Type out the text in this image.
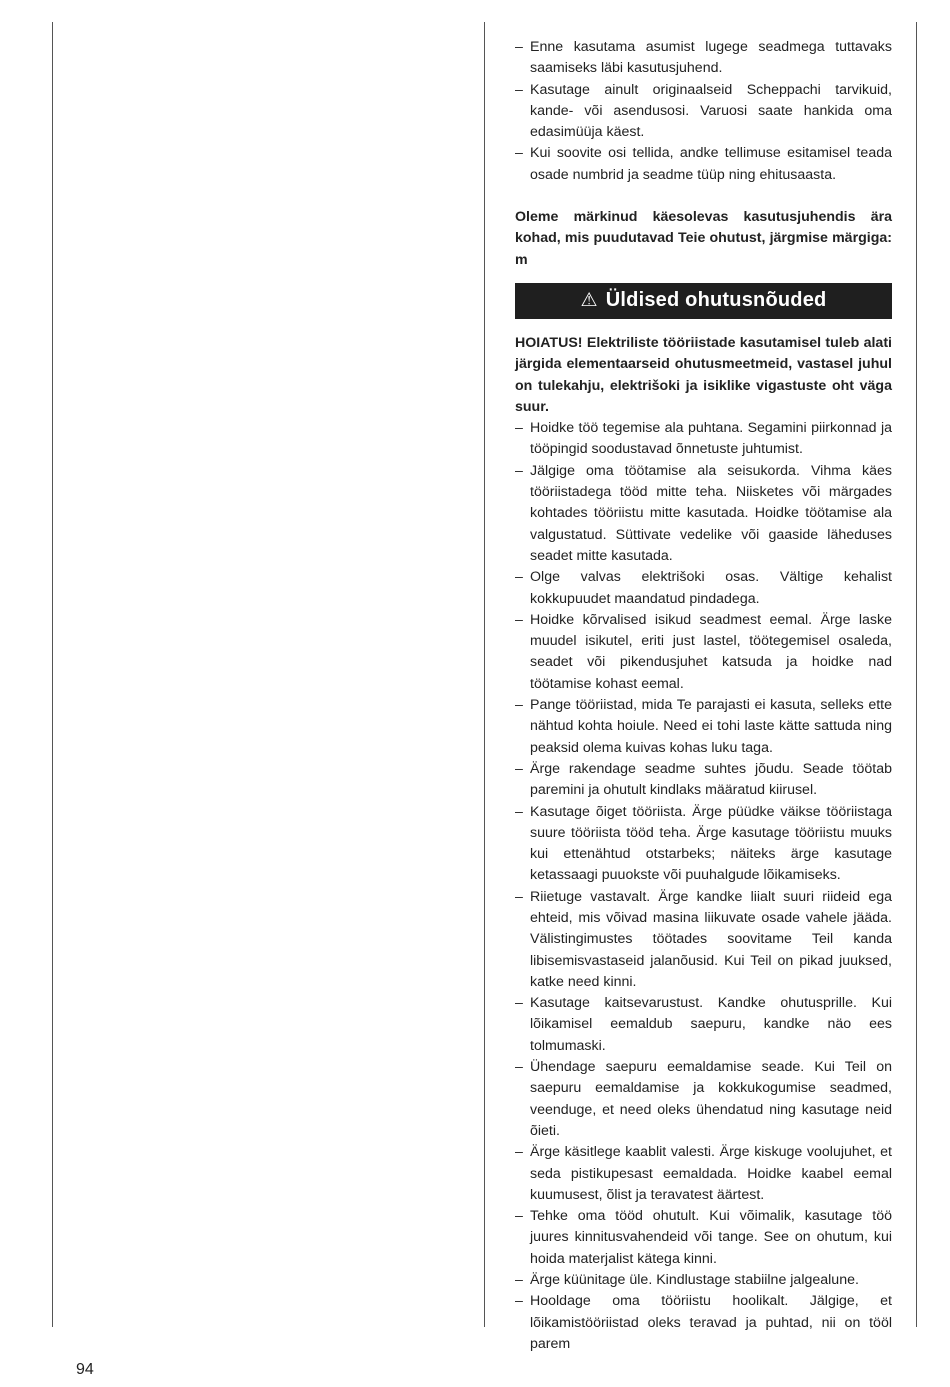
– Enne kasutama asumist lugege seadmega tuttavaks saamiseks läbi kasutusjuhend.
– Kasutage ainult originaalseid Scheppachi tarvikuid, kande- või asendusosi. Varuosi saate hankida oma edasimüüja käest.
– Kui soovite osi tellida, andke tellimuse esitamisel teada osade numbrid ja seadme tüüp ning ehitusaasta.
Oleme märkinud käesolevas kasutusjuhendis ära kohad, mis puudutavad Teie ohutust, järgmise märgiga: m
⚠ Üldised ohutusnõuded
HOIATUS! Elektriliste tööriistade kasutamisel tuleb alati järgida elementaarseid ohutusmeetmeid, vastasel juhul on tulekahju, elektrišoki ja isiklike vigastuste oht väga suur.
– Hoidke töö tegemise ala puhtana. Segamini piirkonnad ja tööpingid soodustavad õnnetuste juhtumist.
– Jälgige oma töötamise ala seisukorda. Vihma käes tööriistadega tööd mitte teha. Niisketes või märgades kohtades tööriistu mitte kasutada. Hoidke töötamise ala valgustatud. Süttivate vedelike või gaaside läheduses seadet mitte kasutada.
– Olge valvas elektrišoki osas. Vältige kehalist kokkupuudet maandatud pindadega.
– Hoidke kõrvalised isikud seadmest eemal. Ärge laske muudel isikutel, eriti just lastel, töötegemisel osaleda, seadet või pikendusjuhet katsuda ja hoidke nad töötamise kohast eemal.
– Pange tööriistad, mida Te parajasti ei kasuta, selleks ette nähtud kohta hoiule. Need ei tohi laste kätte sattuda ning peaksid olema kuivas kohas luku taga.
– Ärge rakendage seadme suhtes jõudu. Seade töötab paremini ja ohutult kindlaks määratud kiirusel.
– Kasutage õiget tööriista. Ärge püüdke väikse tööriistaga suure tööriista tööd teha. Ärge kasutage tööriistu muuks kui ettenähtud otstarbeks; näiteks ärge kasutage ketassaagi puuokste või puuhalgude lõikamiseks.
– Riietuge vastavalt. Ärge kandke liialt suuri riideid ega ehteid, mis võivad masina liikuvate osade vahele jääda. Välistingimustes töötades soovitame Teil kanda libisemisvastaseid jalanõusid. Kui Teil on pikad juuksed, katke need kinni.
– Kasutage kaitsevarustust. Kandke ohutusprille. Kui lõikamisel eemaldub saepuru, kandke näo ees tolmumaski.
– Ühendage saepuru eemaldamise seade. Kui Teil on saepuru eemaldamise ja kokkukogumise seadmed, veenduge, et need oleks ühendatud ning kasutage neid õieti.
– Ärge käsitlege kaablit valesti. Ärge kiskuge voolujuhet, et seda pistikupesast eemaldada. Hoidke kaabel eemal kuumusest, õlist ja teravatest äärtest.
– Tehke oma tööd ohutult. Kui võimalik, kasutage töö juures kinnitusvahendeid või tange. See on ohutum, kui hoida materjalist kätega kinni.
– Ärge küünitage üle. Kindlustage stabiilne jalgealune.
– Hooldage oma tööriistu hoolikalt. Jälgige, et lõikamistööriistad oleks teravad ja puhtad, nii on tööl parem
94
